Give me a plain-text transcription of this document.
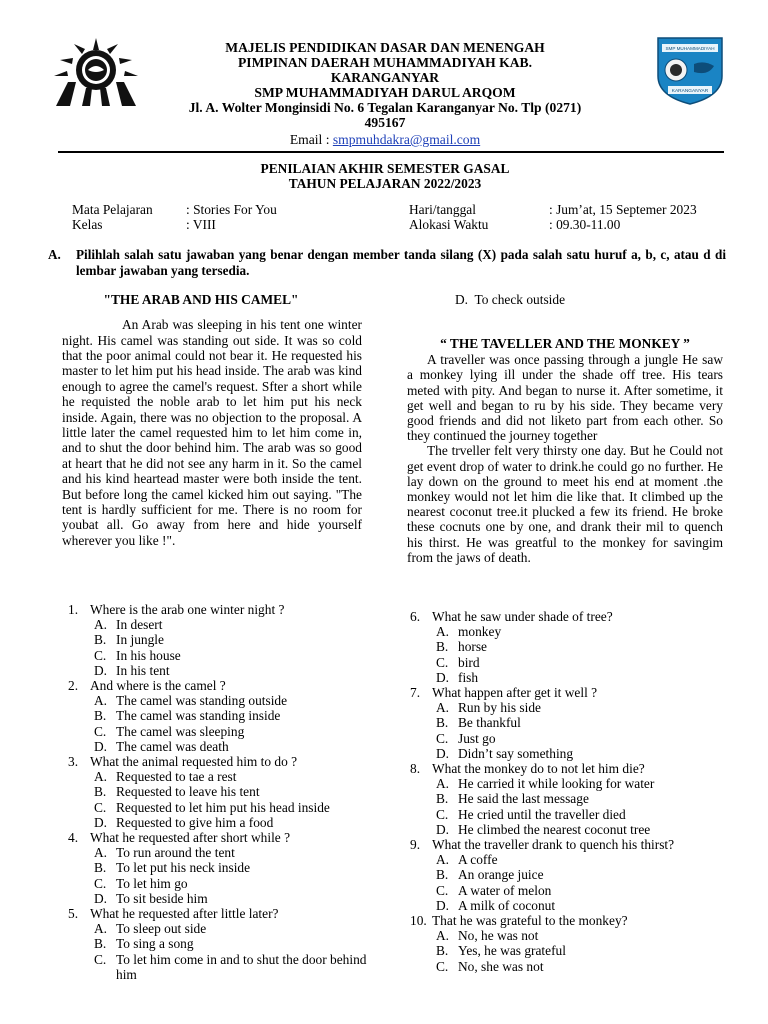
MAJELIS PENDIDIKAN DASAR DAN MENENGAH
PIMPINAN DAERAH MUHAMMADIYAH KAB.
KARANGANYAR
SMP MUHAMMADIYAH DARUL ARQOM
Jl. A. Wolter Monginsidi No. 6 Tegalan Karanganyar No. Tlp (0271)
495167
Email : smpmuhdakra@gmail.com
SMP MUHAMMADIYAH
KARANGANYAR
PENILAIAN AKHIR SEMESTER GASAL
TAHUN PELAJARAN 2022/2023
Mata Pelajaran	: Stories For You
Kelas	: VIII
Hari/tanggal	: Jum’at, 15 Septemer 2023
Alokasi Waktu	: 09.30-11.00
A. Pilihlah salah satu jawaban yang benar dengan member tanda silang (X) pada salah satu huruf a, b, c, atau d di lembar jawaban yang tersedia.
"THE ARAB AND HIS CAMEL"
An Arab was sleeping in his tent one winter night. His camel was standing out side. It was so cold that the poor animal could not bear it. He requested his master to let him put his head inside. The arab was kind enough to agree the camel's request. Sfter a short while he requisted the noble arab to let him put his neck inside. Again, there was no objection to the proposal. A little later the camel requested him to let him come in, and to shut the door behind him. The arab was so good at heart that he did not see any harm in it. So the camel and his kind heartead master were both inside the tent. But before long the camel kicked him out saying. "The tent is hardly sufficient for me. There is no room for youbat all. Go away from here and hide yourself wherever you like !".
1. Where is the arab one winter night ?
A. In desert
B. In jungle
C. In his house
D. In his tent
2. And where is the camel ?
A. The camel was standing outside
B. The camel was standing inside
C. The camel was sleeping
D. The camel was death
3. What the animal requested him to do ?
A. Requested to tae a rest
B. Requested to leave his tent
C. Requested to let him put his head inside
D. Requested to give him a food
4. What he requested after short while ?
A. To run around the tent
B. To let put his neck inside
C. To let him go
D. To sit beside him
5. What he requested after little later?
A. To sleep out side
B. To sing a song
C. To let him come in and to shut the door behind him
D. To check outside
“ THE TAVELLER AND THE MONKEY ”
A traveller was once passing through a jungle He saw a monkey lying ill under the shade off tree. His tears meted with pity. And began to nurse it. After sometime, it get well and began to ru by his side. They became very good friends and did not liketo part from each other. So they continued the journey together
The trveller felt very thirsty one day. But he Could not get event drop of water to drink.he could go no further. He lay down on the ground to meet his end at moment .the monkey would not let him die like that. It climbed up the nearest coconut tree.it plucked a few its friend. He broke these cocnuts one by one, and drank their mil to quench his thirst. He was greatful to the monkey for savingim from the jaws of death.
6. What he saw under shade of tree?
A. monkey
B. horse
C. bird
D. fish
7. What happen after get it well ?
A. Run by his side
B. Be thankful
C. Just go
D. Didn’t say something
8. What the monkey do to not let him die?
A. He carried it while looking for water
B. He said the last message
C. He cried until the traveller died
D. He climbed the nearest coconut tree
9. What the traveller drank to quench his thirst?
A. A coffe
B. An orange juice
C. A water of melon
D. A milk of coconut
10. That he was grateful to the monkey?
A. No, he was not
B. Yes, he was grateful
C. No, she was not
